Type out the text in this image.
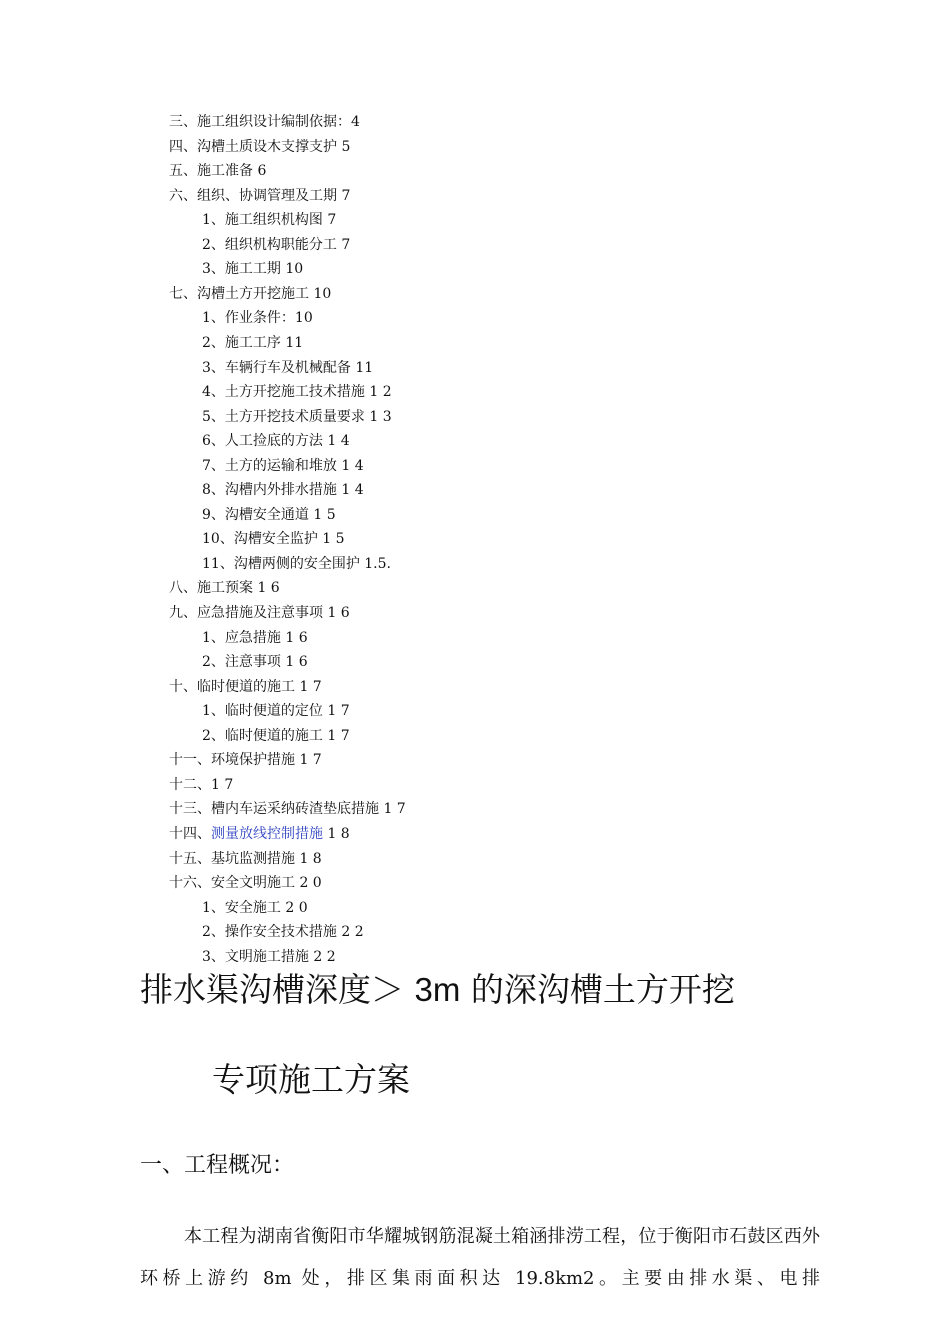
三、施工组织设计编制依据：4
四、沟槽土质设木支撑支护 5
五、施工准备 6
六、组织、协调管理及工期 7
1、施工组织机构图 7
2、组织机构职能分工 7
3、施工工期 10
七、沟槽土方开挖施工 10
1、作业条件：10
2、施工工序 11
3、车辆行车及机械配备 11
4、土方开挖施工技术措施 1 2
5、土方开挖技术质量要求 1 3
6、人工捡底的方法 1 4
7、土方的运输和堆放 1 4
8、沟槽内外排水措施 1 4
9、沟槽安全通道 1 5
10、沟槽安全监护 1 5
11、沟槽两侧的安全围护 1.5.
八、施工预案 1 6
九、应急措施及注意事项 1 6
1、应急措施 1 6
2、注意事项 1 6
十、临时便道的施工 1 7
1、临时便道的定位 1 7
2、临时便道的施工 1 7
十一、环境保护措施 1 7
十二、1 7
十三、槽内车运采纳砖渣垫底措施 1 7
十四、测量放线控制措施 1 8
十五、基坑监测措施 1 8
十六、安全文明施工 2 0
1、安全施工 2 0
2、操作安全技术措施 2 2
3、文明施工措施 2 2
排水渠沟槽深度＞ 3m 的深沟槽土方开挖
专项施工方案
一、工程概况：
本工程为湖南省衡阳市华耀城钢筋混凝土箱涵排涝工程，位于衡阳市石鼓区西外环桥上游约 8m 处，排区集雨面积达 19.8km2。主要由排水渠、电排
